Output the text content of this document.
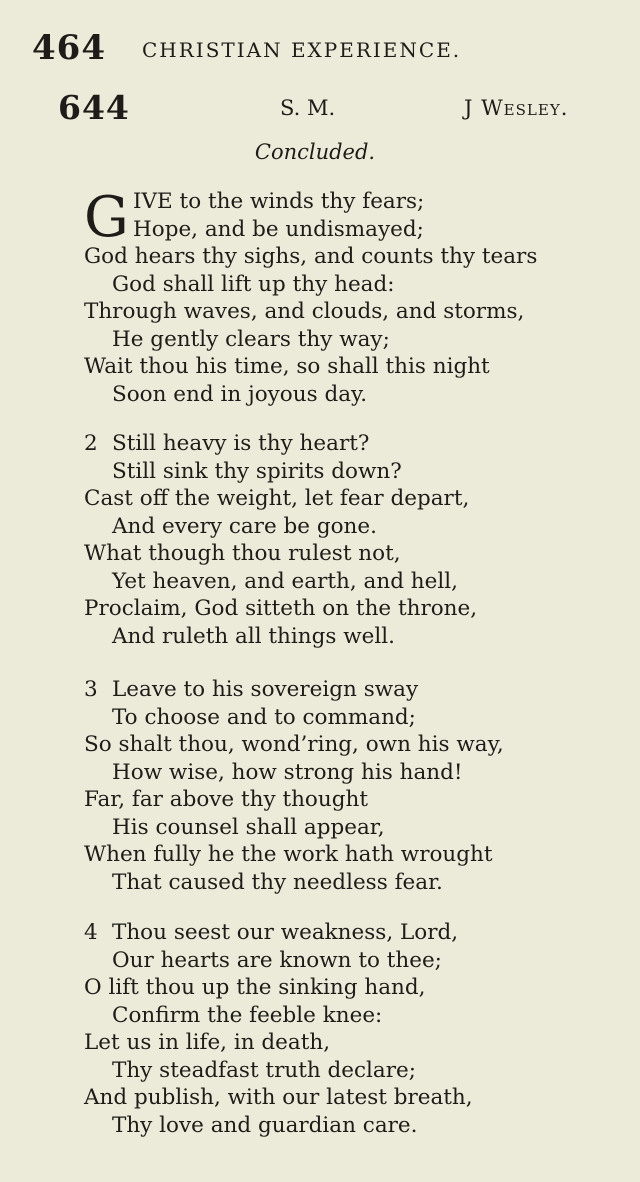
464 CHRISTIAN EXPERIENCE.
644	S. M.	J Wesley.
Concluded.
G IVE to the winds thy fears;
Hope, and be undismayed;
God hears thy sighs, and counts thy tears
God shall lift up thy head:
Through waves, and clouds, and storms,
He gently clears thy way;
Wait thou his time, so shall this night
Soon end in joyous day.
2 Still heavy is thy heart?
Still sink thy spirits down?
Cast off the weight, let fear depart,
And every care be gone.
What though thou rulest not,
Yet heaven, and earth, and hell,
Proclaim, God sitteth on the throne,
And ruleth all things well.
3 Leave to his sovereign sway
To choose and to command;
So shalt thou, wond’ring, own his way,
How wise, how strong his hand!
Far, far above thy thought
His counsel shall appear,
When fully he the work hath wrought
That caused thy needless fear.
4 Thou seest our weakness, Lord,
Our hearts are known to thee;
O lift thou up the sinking hand,
Confirm the feeble knee:
Let us in life, in death,
Thy steadfast truth declare;
And publish, with our latest breath,
Thy love and guardian care.
